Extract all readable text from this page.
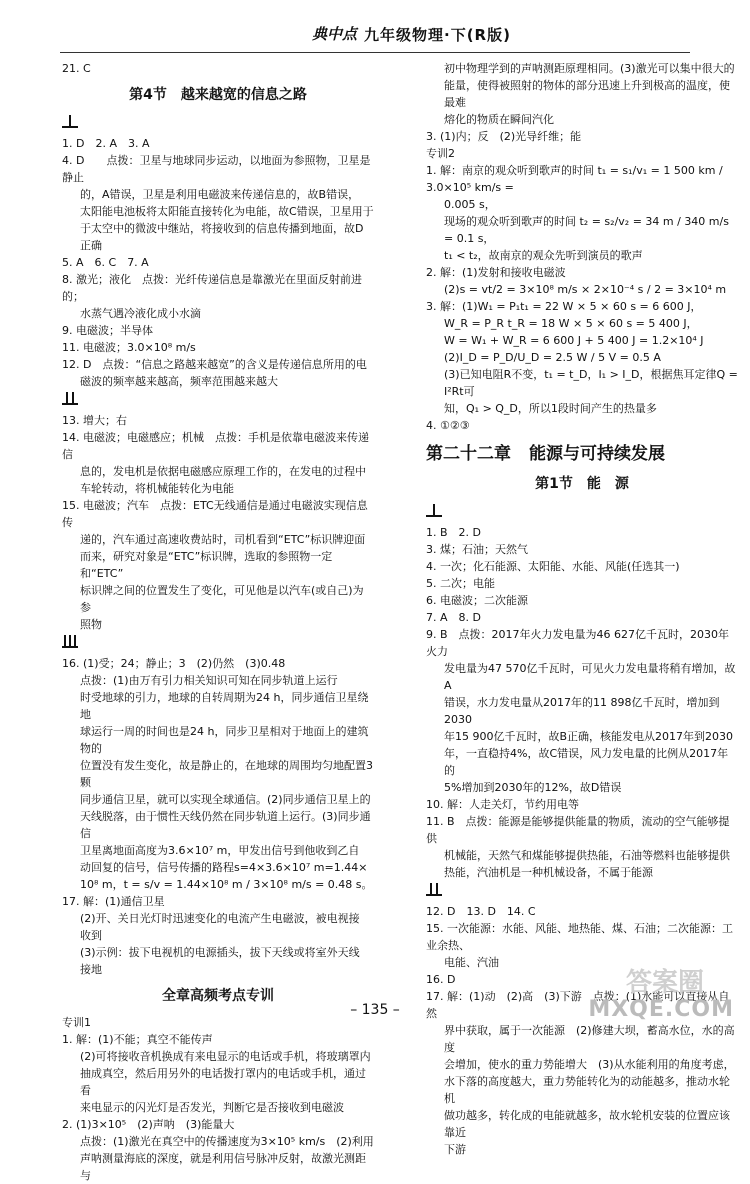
典中点 九年级物理·下(R版)

21. C

第4节　越来越宽的信息之路

1. D　2. A　3. A

4. D　　点拨：卫星与地球同步运动，以地面为参照物，卫星是静止

的，A错误，卫星是利用电磁波来传递信息的，故B错误，

太阳能电池板将太阳能直接转化为电能，故C错误，卫星用于

于太空中的微波中继站，将接收到的信息传播到地面，故D

正确

5. A　6. C　7. A

8. 激光；液化　点拨：光纤传递信息是靠激光在里面反射前进的；

水蒸气遇冷液化成小水滴

9. 电磁波；半导体

11. 电磁波；3.0×10⁸ m/s

12. D　点拨：“信息之路越来越宽”的含义是传递信息所用的电

磁波的频率越来越高，频率范围越来越大

13. 增大；右

14. 电磁波；电磁感应；机械　点拨：手机是依靠电磁波来传递信

息的，发电机是依据电磁感应原理工作的，在发电的过程中

车轮转动，将机械能转化为电能

15. 电磁波；汽车　点拨：ETC无线通信是通过电磁波实现信息传

递的，汽车通过高速收费站时，司机看到“ETC”标识牌迎面

而来，研究对象是“ETC”标识牌，选取的参照物一定和“ETC”

标识牌之间的位置发生了变化，可见他是以汽车(或自己)为参

照物

16. (1)受；24；静止；3　(2)仍然　(3)0.48

点拨：(1)由万有引力相关知识可知在同步轨道上运行

时受地球的引力，地球的自转周期为24 h，同步通信卫星绕地

球运行一周的时间也是24 h，同步卫星相对于地面上的建筑物的

位置没有发生变化，故是静止的，在地球的周围均匀地配置3颗

同步通信卫星，就可以实现全球通信。(2)同步通信卫星上的

天线脱落，由于惯性天线仍然在同步轨道上运行。(3)同步通信

卫星离地面高度为3.6×10⁷ m，甲发出信号到他收到乙自

动回复的信号，信号传播的路程s=4×3.6×10⁷ m=1.44×

10⁸ m，t = s/v = 1.44×10⁸ m / 3×10⁸ m/s = 0.48 s。

17. 解：(1)通信卫星

(2)开、关日光灯时迅速变化的电流产生电磁波，被电视接

收到

(3)示例：拔下电视机的电源插头，拔下天线或将室外天线

接地

全章高频考点专训

专训1

1. 解：(1)不能；真空不能传声

(2)可将接收音机换成有来电显示的电话或手机，将玻璃罩内

抽成真空，然后用另外的电话拨打罩内的电话或手机，通过看

来电显示的闪光灯是否发光，判断它是否接收到电磁波

2. (1)3×10⁵　(2)声呐　(3)能量大

点拨：(1)激光在真空中的传播速度为3×10⁵ km/s　(2)利用

声呐测量海底的深度，就是利用信号脉冲反射，故激光测距与

初中物理学到的声呐测距原理相同。(3)激光可以集中很大的

能量，使得被照射的物体的部分迅速上升到极高的温度，使最难

熔化的物质在瞬间汽化

3. (1)内；反　(2)光导纤维；能

专训2

1. 解：南京的观众听到歌声的时间 t₁ = s₁/v₁ = 1 500 km / 3.0×10⁵ km/s =

0.005 s，

现场的观众听到歌声的时间 t₂ = s₂/v₂ = 34 m / 340 m/s = 0.1 s，

t₁ < t₂，故南京的观众先听到演员的歌声

2. 解：(1)发射和接收电磁波

(2)s = vt/2 = 3×10⁸ m/s × 2×10⁻⁴ s / 2 = 3×10⁴ m

3. 解：(1)W₁ = P₁t₁ = 22 W × 5 × 60 s = 6 600 J，

W_R = P_R t_R = 18 W × 5 × 60 s = 5 400 J，

W = W₁ + W_R = 6 600 J + 5 400 J = 1.2×10⁴ J

(2)I_D = P_D/U_D = 2.5 W / 5 V = 0.5 A

(3)已知电阻R不变，t₁ = t_D，I₁ > I_D，根据焦耳定律Q = I²Rt可

知，Q₁ > Q_D，所以1段时间产生的热量多

4. ①②③

第二十二章 能源与可持续发展
第1节　能　源

1. B　2. D

3. 煤；石油；天然气

4. 一次；化石能源、太阳能、水能、风能(任选其一)

5. 二次；电能

6. 电磁波；二次能源

7. A　8. D

9. B　点拨：2017年火力发电量为46 627亿千瓦时，2030年火力

发电量为47 570亿千瓦时，可见火力发电量将稍有增加，故A

错误，水力发电量从2017年的11 898亿千瓦时，增加到2030

年15 900亿千瓦时，故B正确，核能发电从2017年到2030

年，一直稳持4%，故C错误，风力发电量的比例从2017年的

5%增加到2030年的12%，故D错误

10. 解：人走关灯，节约用电等

11. B　点拨：能源是能够提供能量的物质，流动的空气能够提供

机械能，天然气和煤能够提供热能，石油等燃料也能够提供

热能，汽油机是一种机械设备，不属于能源

12. D　13. D　14. C

15. 一次能源：水能、风能、地热能、煤、石油；二次能源：工业余热、

电能、汽油

16. D

17. 解：(1)动　(2)高　(3)下游　点拨：(1)水能可以直接从自然

界中获取，属于一次能源　(2)修建大坝，蓄高水位，水的高度

会增加，使水的重力势能增大　(3)从水能利用的角度考虑，

水下落的高度越大，重力势能转化为的动能越多，推动水轮机

做功越多，转化成的电能就越多，故水轮机安装的位置应该靠近

下游

– 135 –
答案圈
MXQE.COM
